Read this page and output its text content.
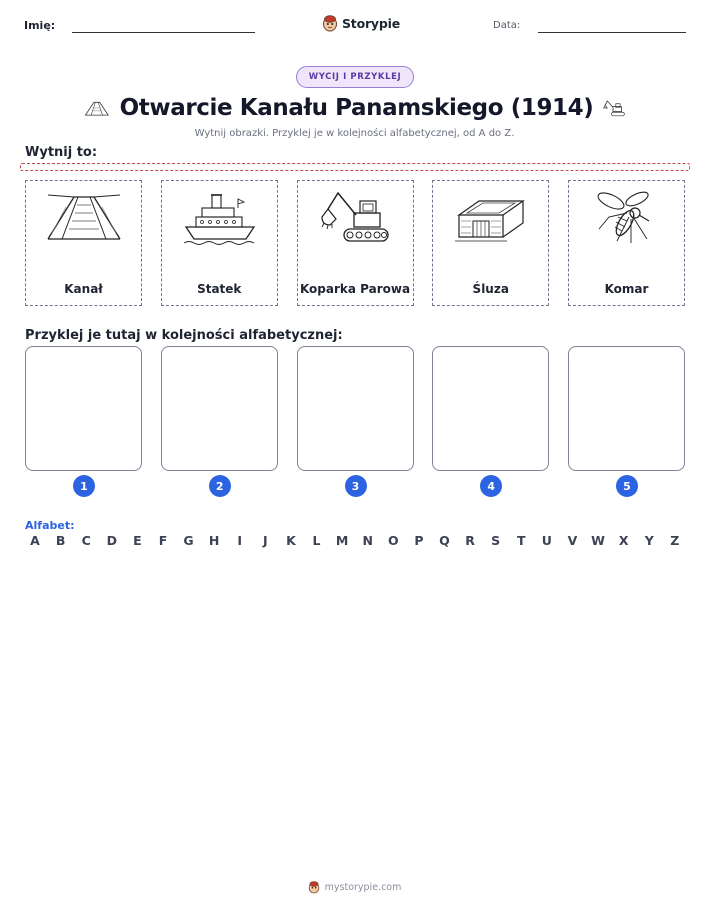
Imię:	Storypie	Data:
WYCIJ I PRZYKLEJ
Otwarcie Kanału Panamskiego (1914)
Wytnij obrazki. Przyklej je w kolejności alfabetycznej, od A do Z.
Wytnij to:
Kanał	Statek	Koparka Parowa	Śluza	Komar
Przyklej je tutaj w kolejności alfabetycznej:
1	2	3	4	5
Alfabet:
A	B	C	D	E	F	G	H	I	J	K	L	M	N	O	P	Q	R	S	T	U	V	W	X	Y	Z
mystorypie.com
